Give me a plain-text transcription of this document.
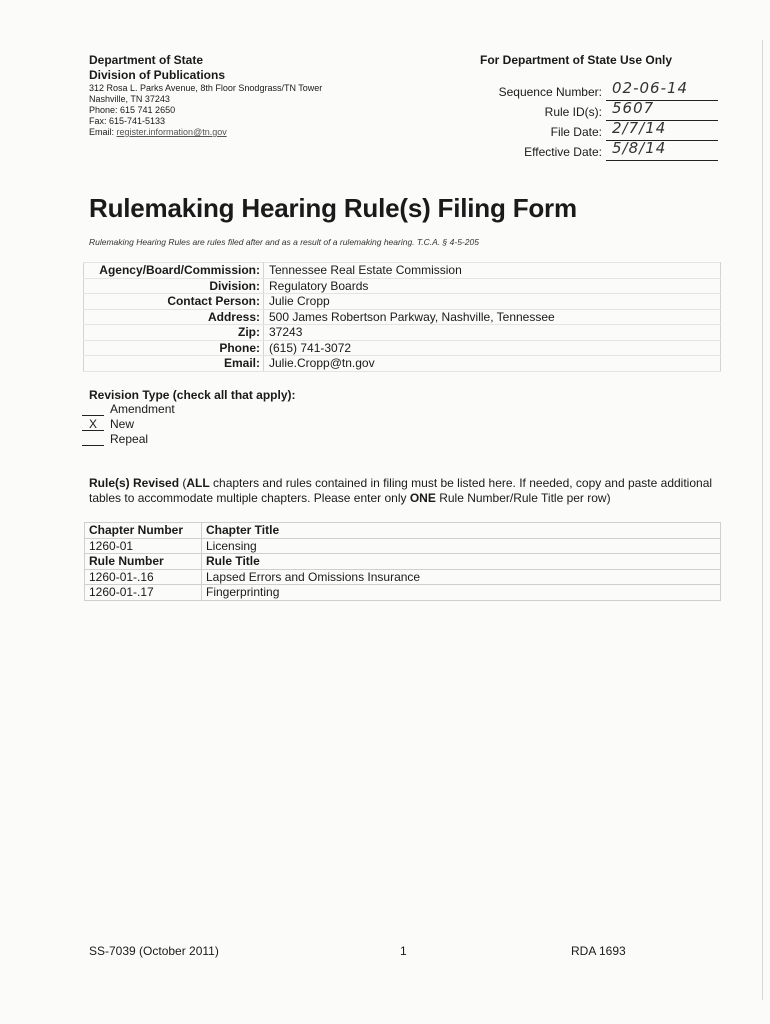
Department of State
Division of Publications
312 Rosa L. Parks Avenue, 8th Floor Snodgrass/TN Tower
Nashville, TN 37243
Phone: 615 741 2650
Fax: 615-741-5133
Email: register.information@tn.gov
For Department of State Use Only
Sequence Number: 02-06-14
Rule ID(s): 5607
File Date: 2/7/14
Effective Date: 5/8/14
Rulemaking Hearing Rule(s) Filing Form
Rulemaking Hearing Rules are rules filed after and as a result of a rulemaking hearing. T.C.A. § 4-5-205
Agency/Board/Commission:	Tennessee Real Estate Commission
Division:	Regulatory Boards
Contact Person:	Julie Cropp
Address:	500 James Robertson Parkway, Nashville, Tennessee
Zip:	37243
Phone:	(615) 741-3072
Email:	Julie.Cropp@tn.gov
Revision Type (check all that apply):
Amendment
X New
Repeal
Rule(s) Revised (ALL chapters and rules contained in filing must be listed here. If needed, copy and paste additional tables to accommodate multiple chapters. Please enter only ONE Rule Number/Rule Title per row)
Chapter Number	Chapter Title
1260-01	Licensing
Rule Number	Rule Title
1260-01-.16	Lapsed Errors and Omissions Insurance
1260-01-.17	Fingerprinting
SS-7039 (October 2011)	1	RDA 1693
